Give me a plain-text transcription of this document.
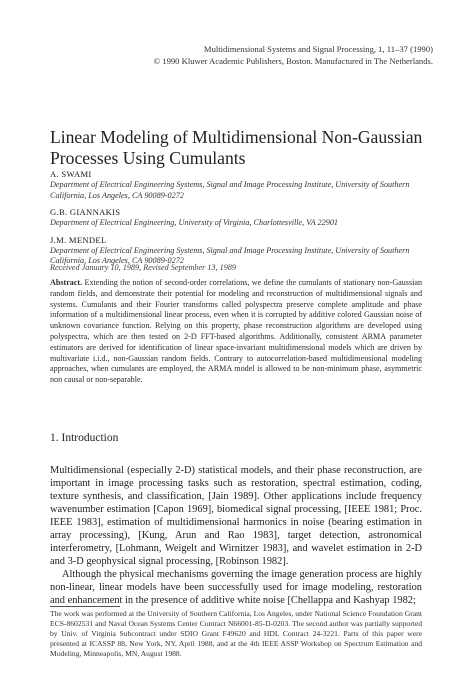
Multidimensional Systems and Signal Processing, 1, 11–37 (1990)
© 1990 Kluwer Academic Publishers, Boston. Manufactured in The Netherlands.
Linear Modeling of Multidimensional Non-Gaussian Processes Using Cumulants
A. SWAMI
Department of Electrical Engineering Systems, Signal and Image Processing Institute, University of Southern California, Los Angeles, CA 90089-0272
G.B. GIANNAKIS
Department of Electrical Engineering, University of Virginia, Charlottesville, VA 22901
J.M. MENDEL
Department of Electrical Engineering Systems, Signal and Image Processing Institute, University of Southern California, Los Angeles, CA 90089-0272
Received January 10, 1989, Revised September 13, 1989
Abstract. Extending the notion of second-order correlations, we define the cumulants of stationary non-Gaussian random fields, and demonstrate their potential for modeling and reconstruction of multidimensional signals and systems. Cumulants and their Fourier transforms called polyspectra preserve complete amplitude and phase information of a multidimensional linear process, even when it is corrupted by additive colored Gaussian noise of unknown covariance function. Relying on this property, phase reconstruction algorithms are developed using polyspectra, which are then tested on 2-D FFT-based algorithms. Additionally, consistent ARMA parameter estimators are derived for identification of linear space-invariant multidimensional models which are driven by multivariate i.i.d., non-Gaussian random fields. Contrary to autocorrelation-based multidimensional modeling approaches, when cumulants are employed, the ARMA model is allowed to be non-minimum phase, asymmetric non causal or non-separable.
1. Introduction

Multidimensional (especially 2-D) statistical models, and their phase reconstruction, are important in image processing tasks such as restoration, spectral estimation, coding, texture synthesis, and classification, [Jain 1989]. Other applications include frequency wavenumber estimation [Capon 1969], biomedical signal processing, [IEEE 1981; Proc. IEEE 1983], estimation of multidimensional harmonics in noise (bearing estimation in array processing), [Kung, Arun and Rao 1983], target detection, astronomical interferometry, [Lohmann, Weigelt and Wirnitzer 1983], and wavelet estimation in 2-D and 3-D geophysical signal processing, [Robinson 1982].

Although the physical mechanisms governing the image generation process are highly non-linear, linear models have been successfully used for image modeling, restoration and enhancement in the presence of additive white noise [Chellappa and Kashyap 1982;

The work was performed at the University of Southern California, Los Angeles, under National Science Foundation Grant ECS-8602531 and Naval Ocean Systems Center Contract N66001-85-D-0203. The second author was partially supported by Univ. of Virginia Subcontract under SDIO Grant F49620 and HDL Contract 24-3221. Parts of this paper were presented at ICASSP 88, New York, NY, April 1988, and at the 4th IEEE ASSP Workshop on Spectrum Estimation and Modeling, Minneapolis, MN, August 1988.
